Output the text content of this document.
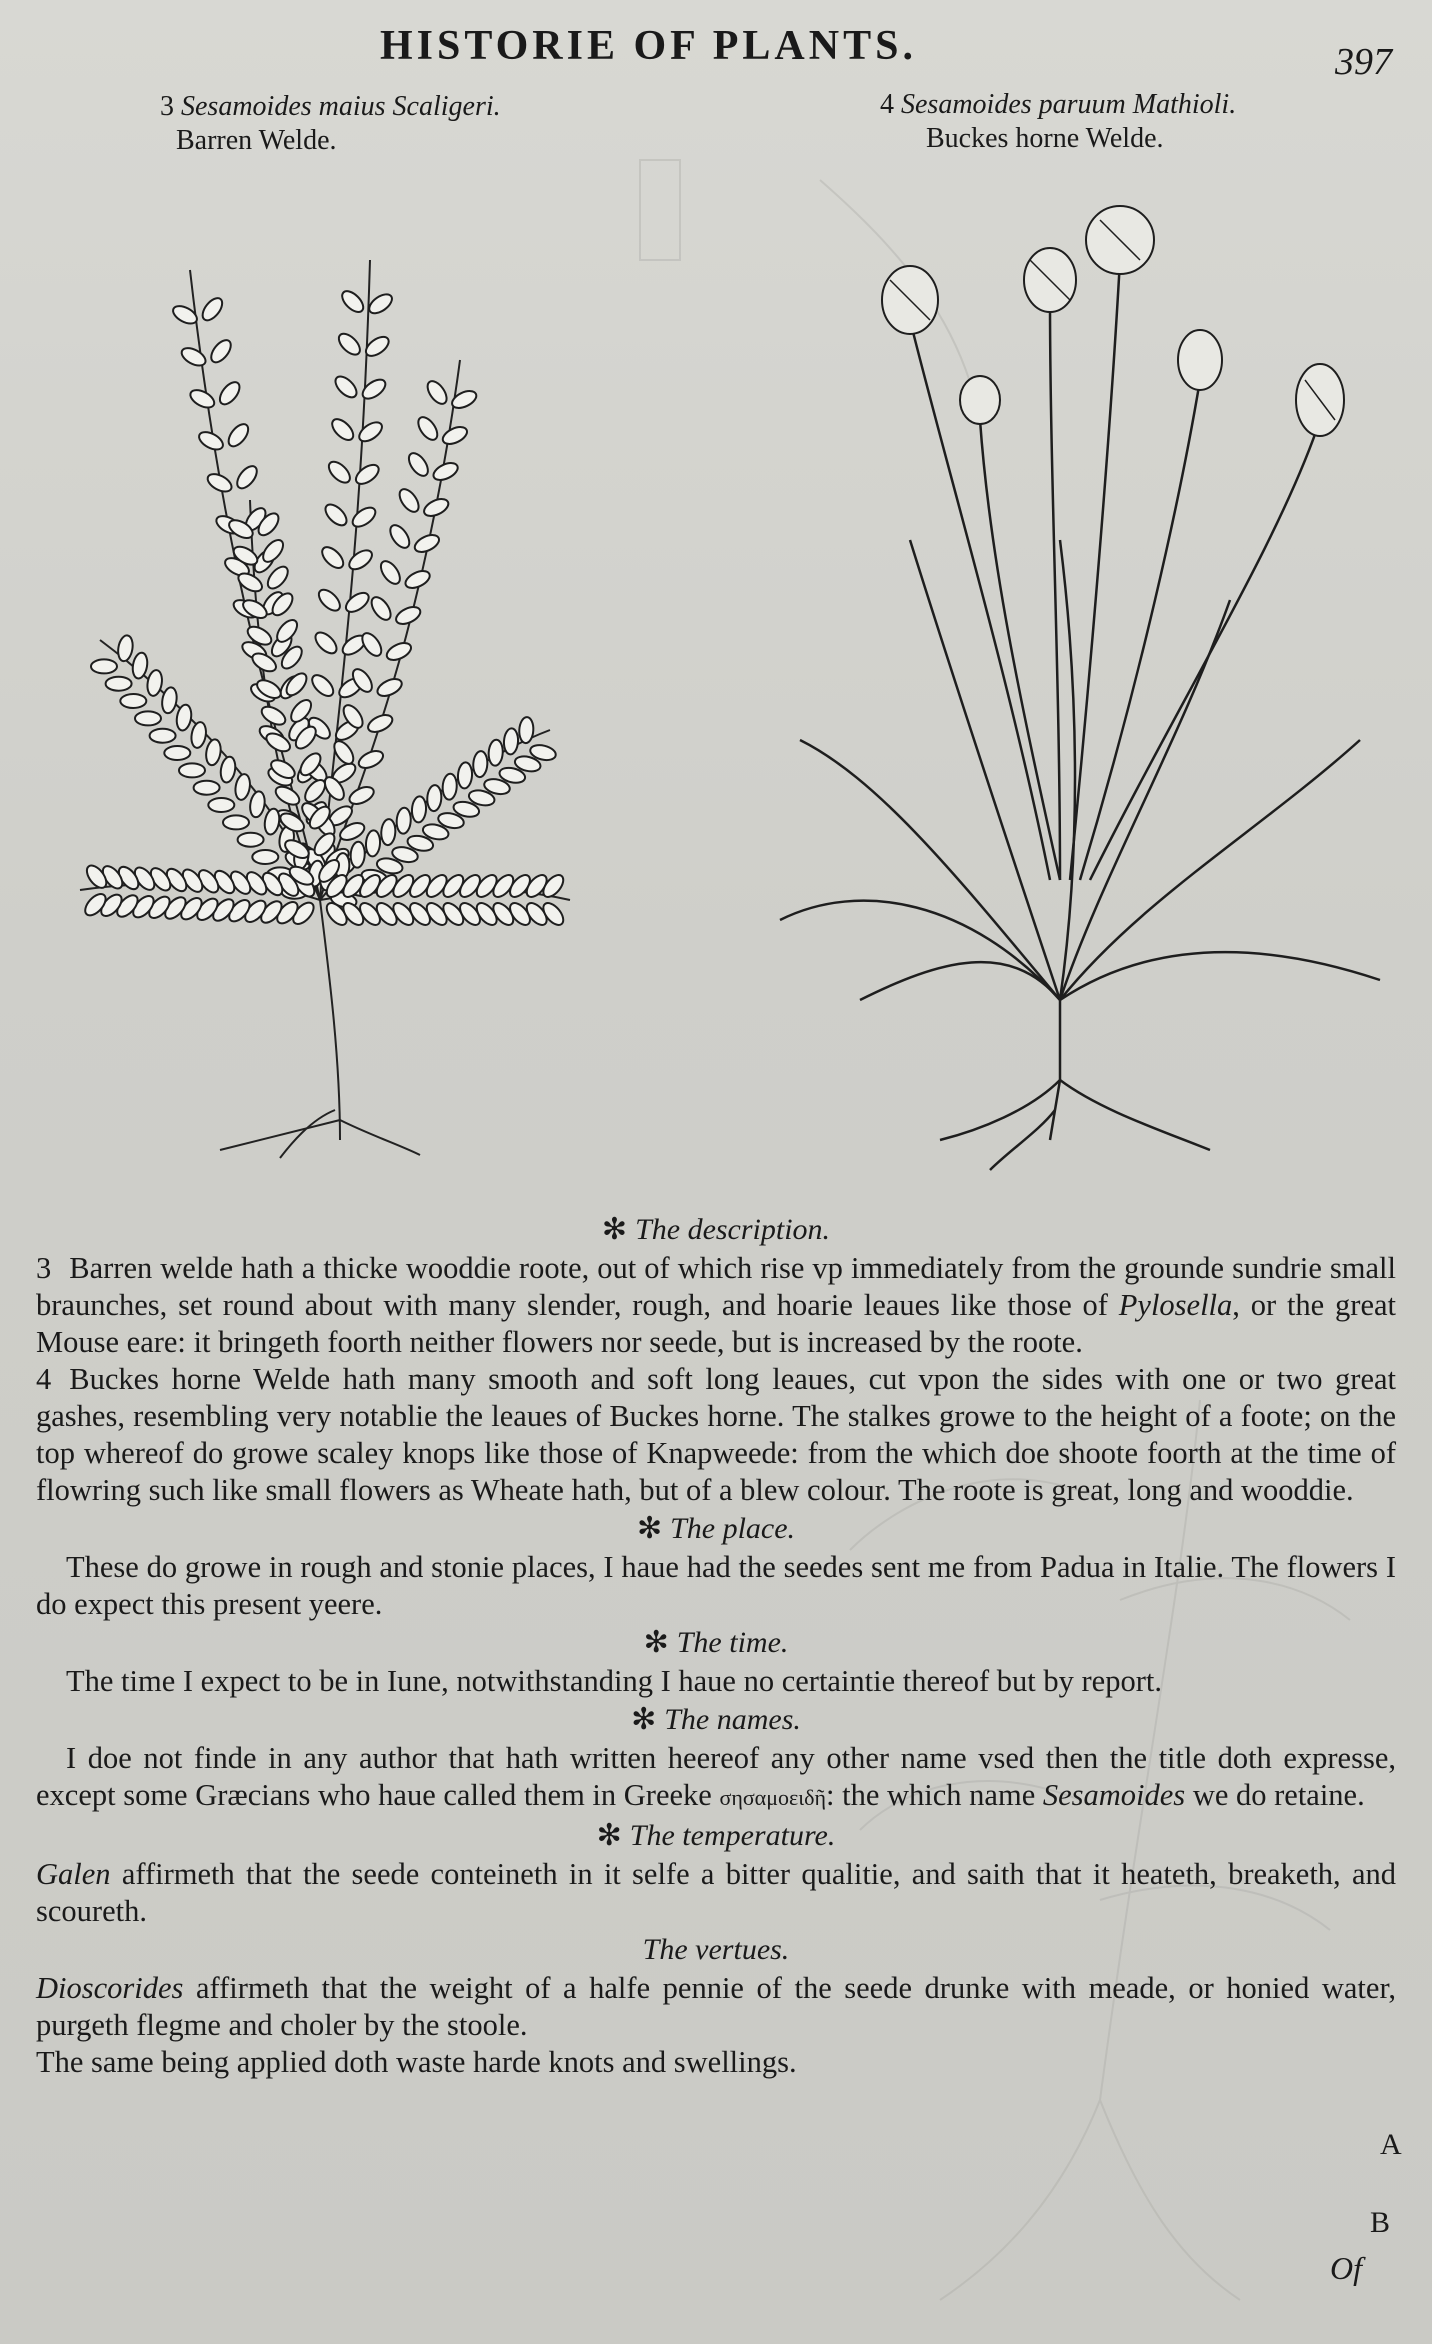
HISTORIE OF PLANTS.	397
3 Sesamoides maius Scaligeri.
Barren Welde.
4 Sesamoides paruum Mathioli.
Buckes horne Welde.

✻ The description.

3 Barren welde hath a thicke wooddie roote, out of which rise vp immediately from the grounde sundrie small braunches, set round about with many slender, rough, and hoarie leaues like those of Pylosella, or the great Mouse eare: it bringeth foorth neither flowers nor seede, but is increased by the roote.

4 Buckes horne Welde hath many smooth and soft long leaues, cut vpon the sides with one or two great gashes, resembling very notablie the leaues of Buckes horne. The stalkes growe to the height of a foote; on the top whereof do growe scaley knops like those of Knapweede: from the which doe shoote foorth at the time of flowring such like small flowers as Wheate hath, but of a blew colour. The roote is great, long and wooddie.

✻ The place.

These do growe in rough and stonie places, I haue had the seedes sent me from Padua in Italie. The flowers I do expect this present yeere.

✻ The time.

The time I expect to be in Iune, notwithstanding I haue no certaintie thereof but by report.

✻ The names.

I doe not finde in any author that hath written heereof any other name vsed then the title doth expresse, except some Græcians who haue called them in Greeke σησαμοειδῆ: the which name Sesamoides we do retaine.

✻ The temperature.

Galen affirmeth that the seede conteineth in it selfe a bitter qualitie, and saith that it heateth, breaketh, and scoureth.

The vertues.

Dioscorides affirmeth that the weight of a halfe pennie of the seede drunke with meade, or honied water, purgeth flegme and choler by the stoole.

The same being applied doth waste harde knots and swellings.

A
B
Of
